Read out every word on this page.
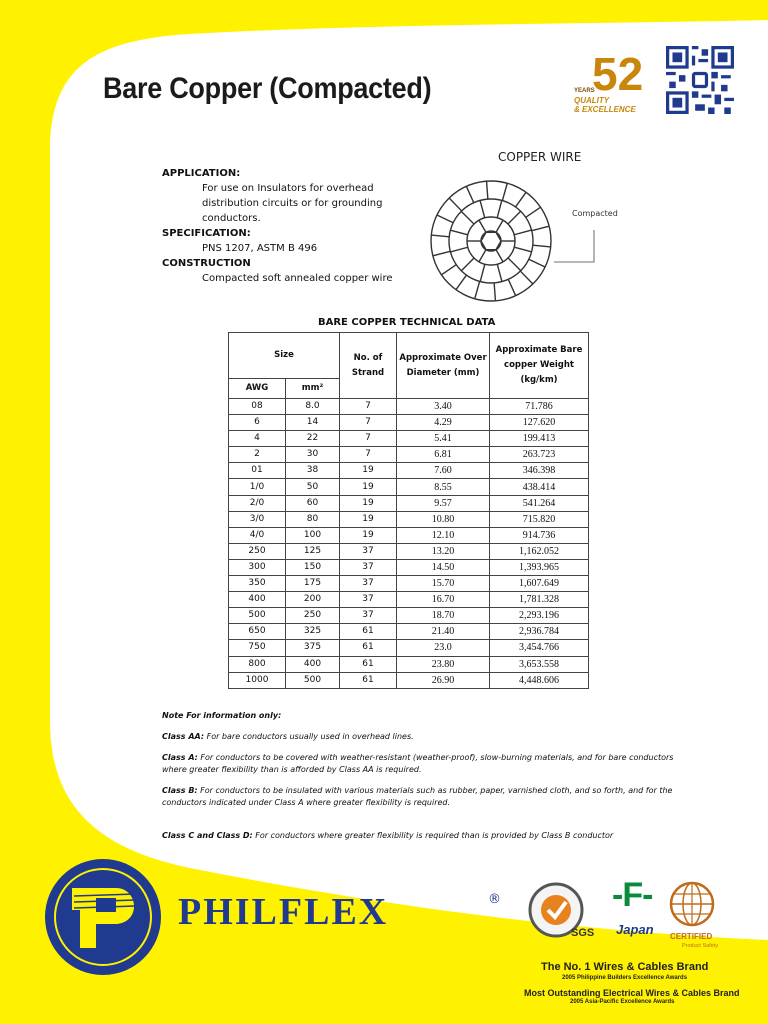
Bare Copper (Compacted)	52
YEARS
QUALITY
& EXCELLENCE
COPPER WIRE
APPLICATION:
For use on Insulators for overhead distribution circuits or for grounding conductors.
SPECIFICATION:
PNS 1207, ASTM B 496
CONSTRUCTION
Compacted soft annealed copper wire
Compacted
BARE COPPER TECHNICAL DATA
Size		No. of Strand	Approximate Over Diameter (mm)	Approximate Bare copper Weight (kg/km)
AWG	mm²			
08	8.0	7	3.40	71.786
6	14	7	4.29	127.620
4	22	7	5.41	199.413
2	30	7	6.81	263.723
01	38	19	7.60	346.398
1/0	50	19	8.55	438.414
2/0	60	19	9.57	541.264
3/0	80	19	10.80	715.820
4/0	100	19	12.10	914.736
250	125	37	13.20	1,162.052
300	150	37	14.50	1,393.965
350	175	37	15.70	1,607.649
400	200	37	16.70	1,781.328
500	250	37	18.70	2,293.196
650	325	61	21.40	2,936.784
750	375	61	23.0	3,454.766
800	400	61	23.80	3,653.558
1000	500	61	26.90	4,448.606

Note For information only:

Class AA: For bare conductors usually used in overhead lines.

Class A: For conductors to be covered with weather-resistant (weather-proof), slow-burning materials, and for bare conductors where greater flexibility than is afforded by Class AA is required.

Class B: For conductors to be insulated with various materials such as rubber, paper, varnished cloth, and so forth, and for the conductors indicated under Class A where greater flexibility is required.

Class C and Class D: For conductors where greater flexibility is required than is provided by Class B conductor

PHILFLEX	®
SGS
-F-
Japan CERTIFIED
Product Safety
The No. 1 Wires & Cables Brand
2005 Philippine Builders Excellence Awards
Most Outstanding Electrical Wires & Cables Brand
2005 Asia-Pacific Excellence Awards
